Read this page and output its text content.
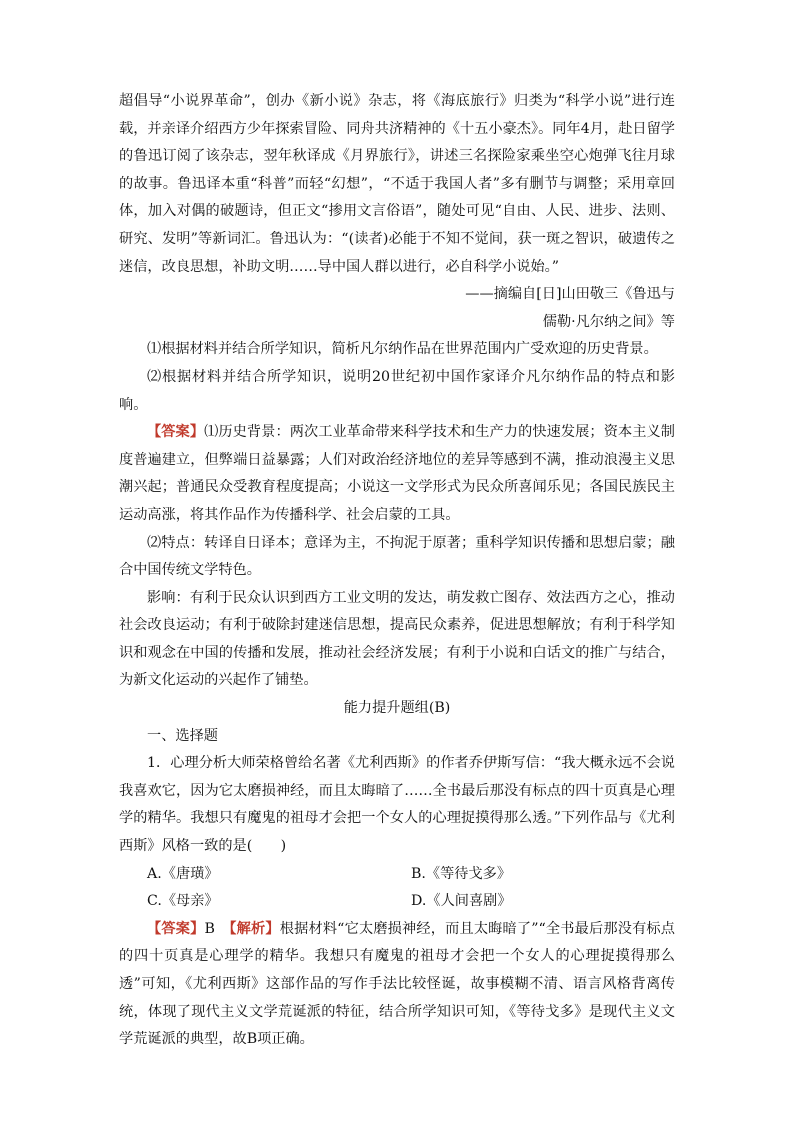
超倡导“小说界革命”，创办《新小说》杂志，将《海底旅行》归类为“科学小说”进行连载，并亲译介绍西方少年探索冒险、同舟共济精神的《十五小豪杰》。同年4月，赴日留学的鲁迅订阅了该杂志，翌年秋译成《月界旅行》，讲述三名探险家乘坐空心炮弹飞往月球的故事。鲁迅译本重“科普”而轻“幻想”，“不适于我国人者”多有删节与调整；采用章回体，加入对偶的破题诗，但正文“掺用文言俗语”，随处可见“自由、人民、进步、法则、研究、发明”等新词汇。鲁迅认为：“(读者)必能于不知不觉间，获一斑之智识，破遗传之迷信，改良思想，补助文明……导中国人群以进行，必自科学小说始。”

——摘编自[日]山田敬三《鲁迅与

儒勒·凡尔纳之间》等

⑴根据材料并结合所学知识，简析凡尔纳作品在世界范围内广受欢迎的历史背景。

⑵根据材料并结合所学知识，说明20世纪初中国作家译介凡尔纳作品的特点和影响。

【答案】⑴历史背景：两次工业革命带来科学技术和生产力的快速发展；资本主义制度普遍建立，但弊端日益暴露；人们对政治经济地位的差异等感到不满，推动浪漫主义思潮兴起；普通民众受教育程度提高；小说这一文学形式为民众所喜闻乐见；各国民族民主运动高涨，将其作品作为传播科学、社会启蒙的工具。

⑵特点：转译自日译本；意译为主，不拘泥于原著；重科学知识传播和思想启蒙；融合中国传统文学特色。

影响：有利于民众认识到西方工业文明的发达，萌发救亡图存、效法西方之心，推动社会改良运动；有利于破除封建迷信思想，提高民众素养，促进思想解放；有利于科学知识和观念在中国的传播和发展，推动社会经济发展；有利于小说和白话文的推广与结合，为新文化运动的兴起作了铺垫。

能力提升题组(B)

一、选择题

1．心理分析大师荣格曾给名著《尤利西斯》的作者乔伊斯写信：“我大概永远不会说我喜欢它，因为它太磨损神经，而且太晦暗了……全书最后那没有标点的四十页真是心理学的精华。我想只有魔鬼的祖母才会把一个女人的心理捉摸得那么透。”下列作品与《尤利西斯》风格一致的是(　　)

A.《唐璜》	B.《等待戈多》
C.《母亲》	D.《人间喜剧》

【答案】B　 【解析】根据材料“它太磨损神经，而且太晦暗了”“全书最后那没有标点的四十页真是心理学的精华。我想只有魔鬼的祖母才会把一个女人的心理捉摸得那么透”可知，《尤利西斯》这部作品的写作手法比较怪诞，故事模糊不清、语言风格背离传统，体现了现代主义文学荒诞派的特征，结合所学知识可知，《等待戈多》是现代主义文学荒诞派的典型，故B项正确。
